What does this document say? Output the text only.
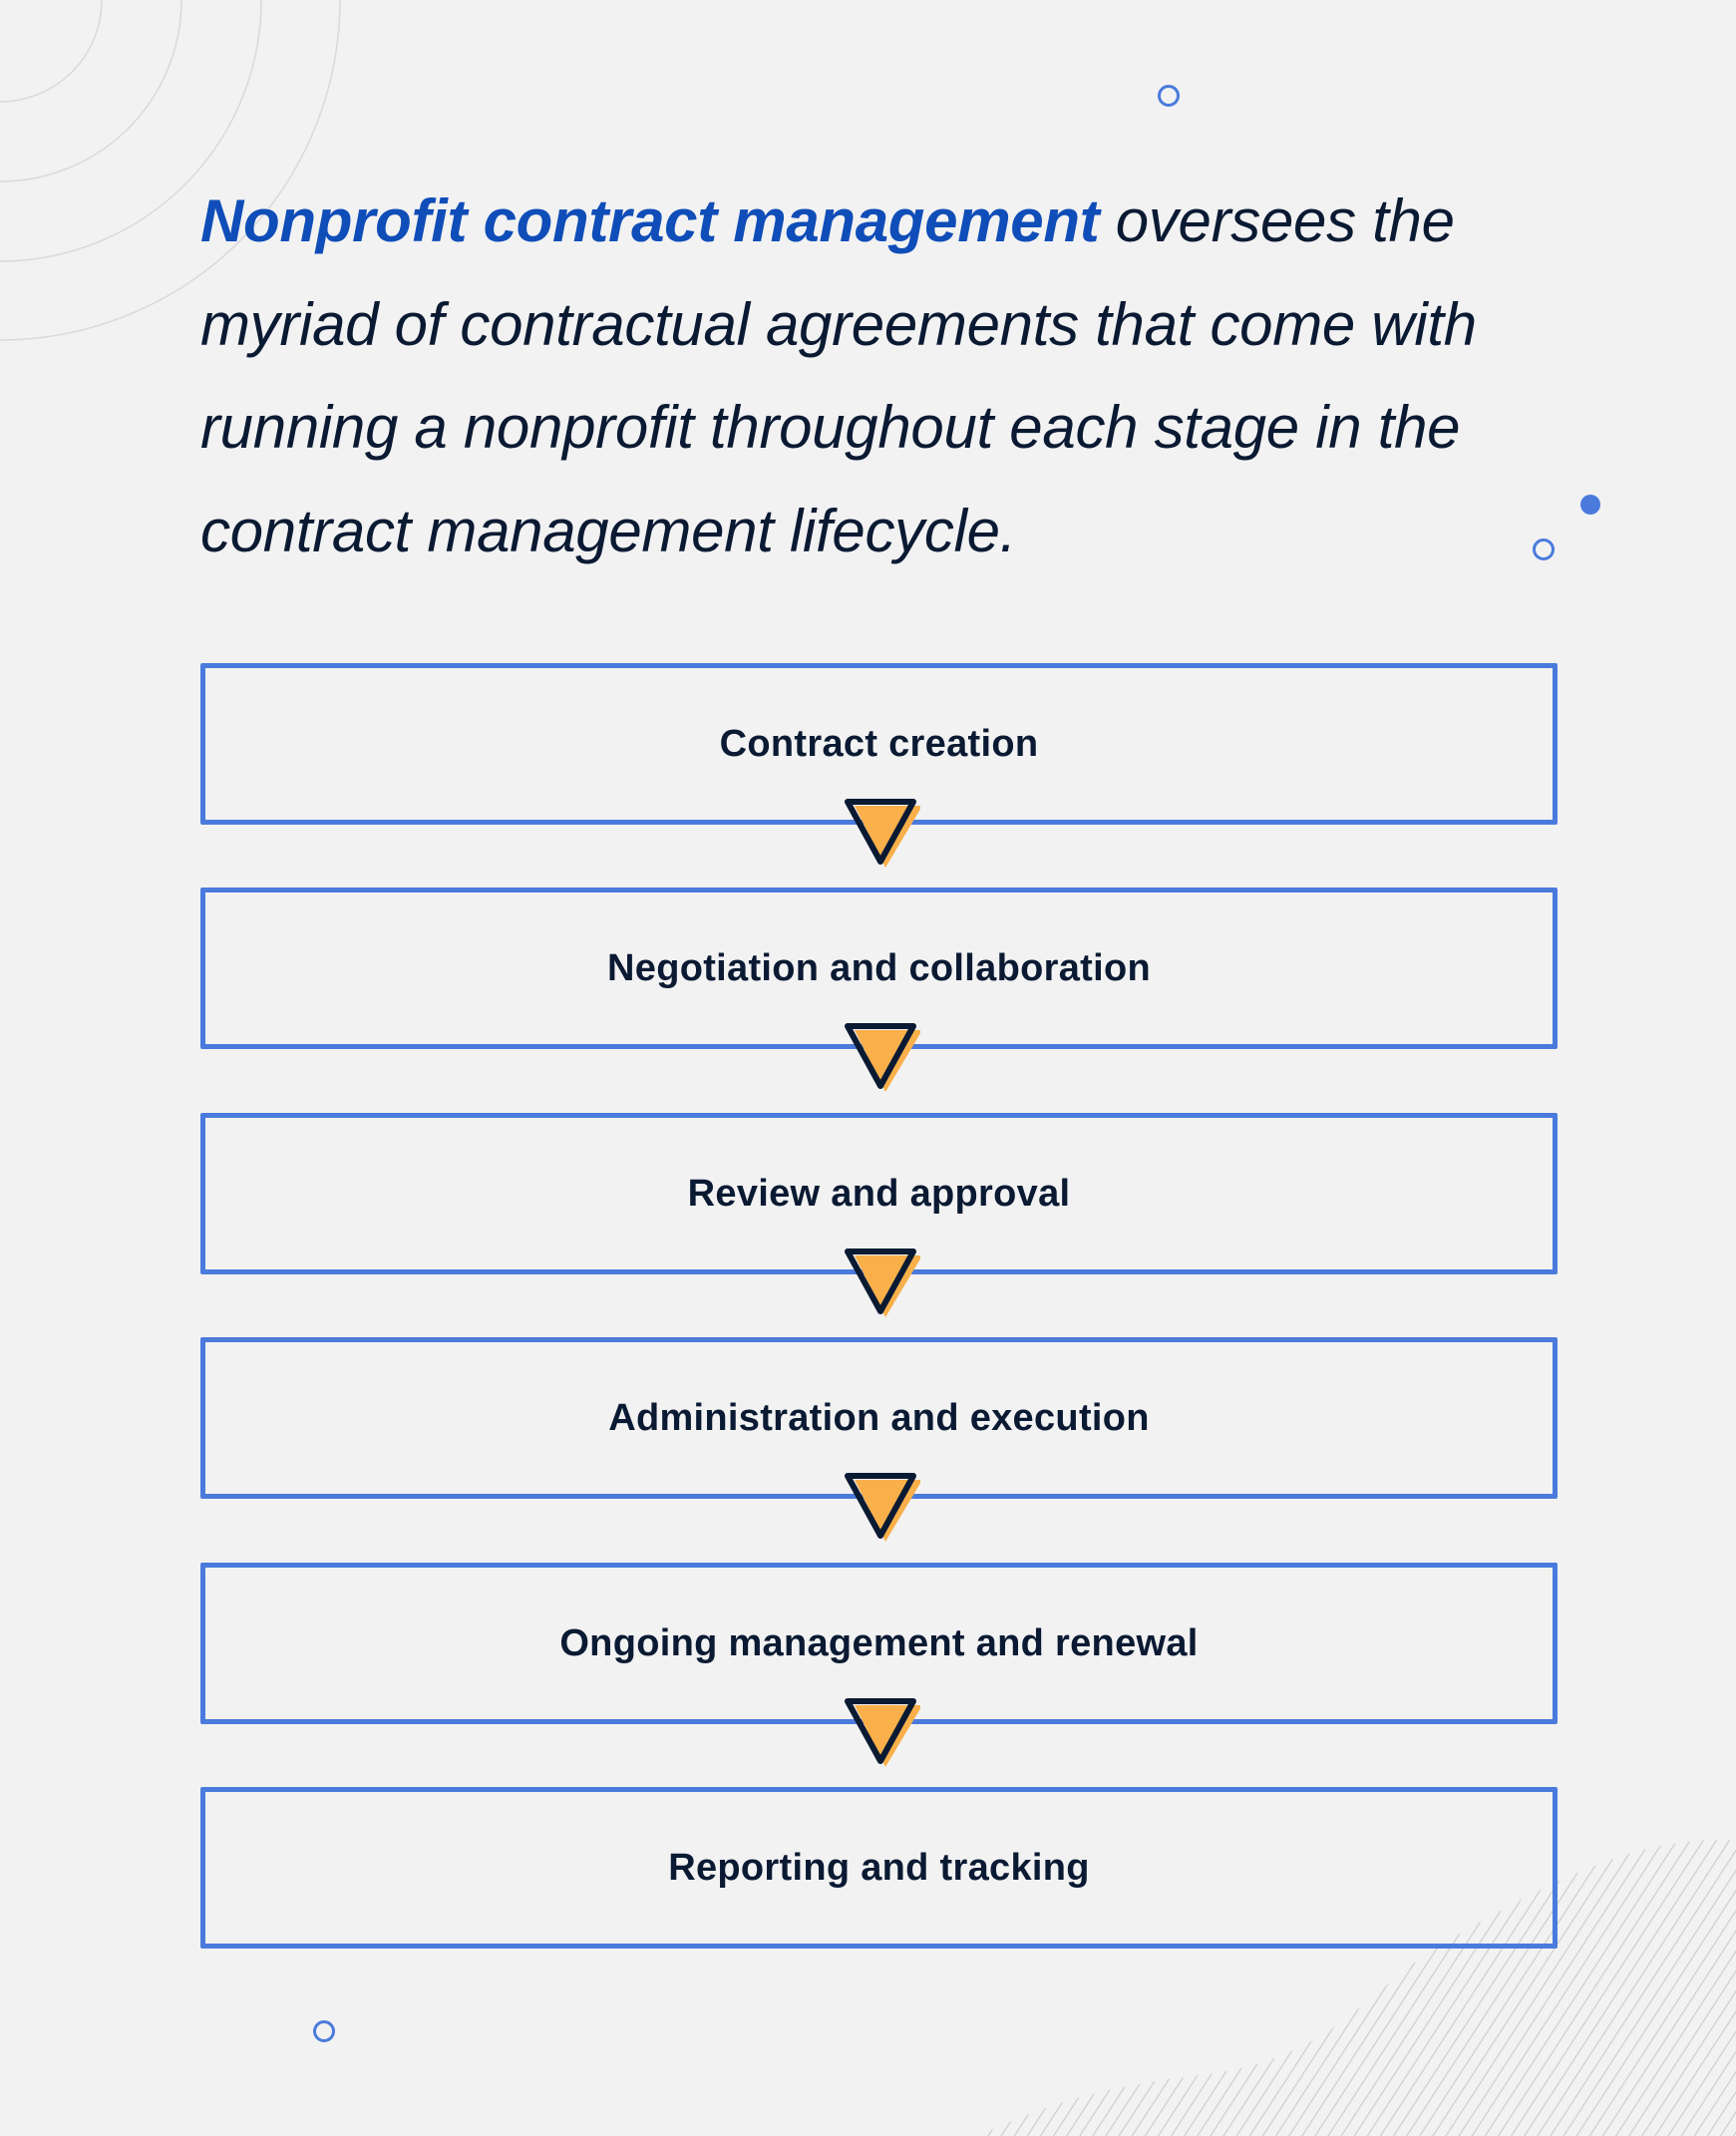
Nonprofit contract management oversees the myriad of contractual agreements that come with running a nonprofit throughout each stage in the contract management lifecycle.

Contract creation
Negotiation and collaboration
Review and approval
Administration and execution
Ongoing management and renewal
Reporting and tracking
